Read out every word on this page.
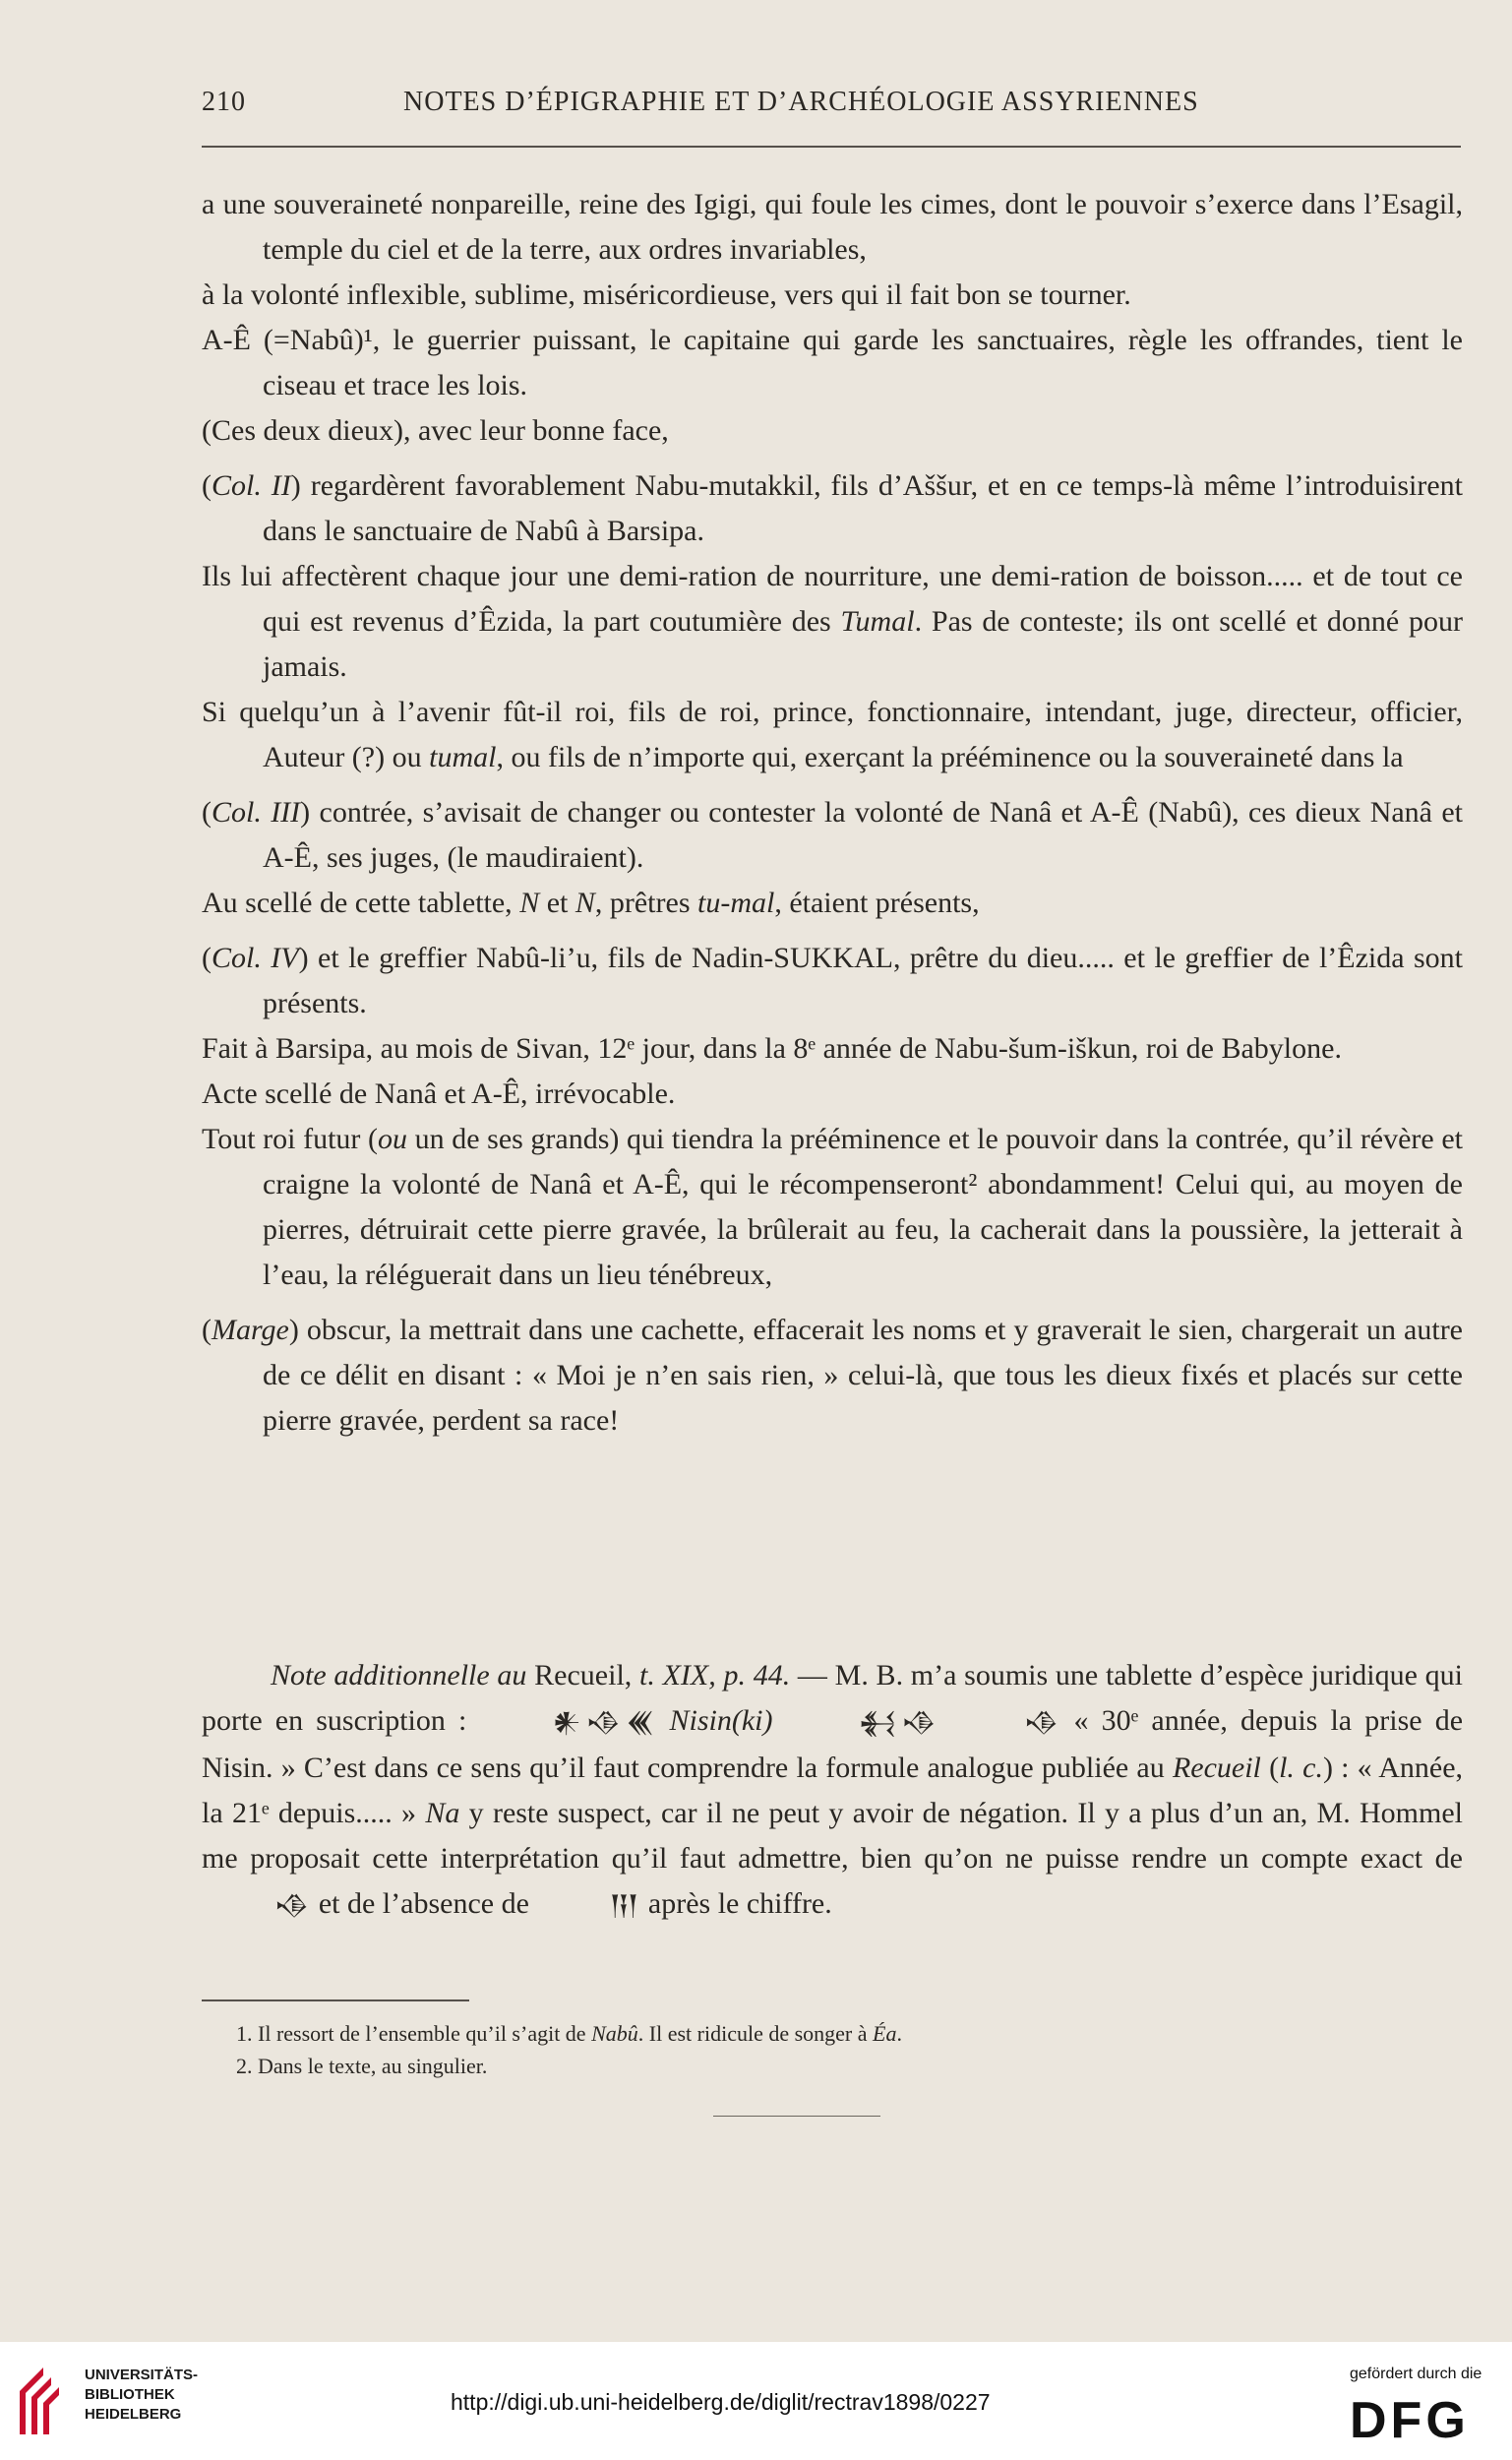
210	NOTES D’ÉPIGRAPHIE ET D’ARCHÉOLOGIE ASSYRIENNES

a une souveraineté nonpareille, reine des Igigi, qui foule les cimes, dont le pouvoir s’exerce dans l’Esagil, temple du ciel et de la terre, aux ordres invariables,

à la volonté inflexible, sublime, miséricordieuse, vers qui il fait bon se tourner.

A-Ê (=Nabû)¹, le guerrier puissant, le capitaine qui garde les sanctuaires, règle les offrandes, tient le ciseau et trace les lois.

(Ces deux dieux), avec leur bonne face,

(Col. II) regardèrent favorablement Nabu-mutakkil, fils d’Aššur, et en ce temps-là même l’introduisirent dans le sanctuaire de Nabû à Barsipa.

Ils lui affectèrent chaque jour une demi-ration de nourriture, une demi-ration de boisson..... et de tout ce qui est revenus d’Êzida, la part coutumière des Tumal. Pas de conteste; ils ont scellé et donné pour jamais.

Si quelqu’un à l’avenir fût-il roi, fils de roi, prince, fonctionnaire, intendant, juge, directeur, officier, Auteur (?) ou tumal, ou fils de n’importe qui, exerçant la prééminence ou la souveraineté dans la

(Col. III) contrée, s’avisait de changer ou contester la volonté de Nanâ et A-Ê (Nabû), ces dieux Nanâ et A-Ê, ses juges, (le maudiraient).

Au scellé de cette tablette, N et N, prêtres tu-mal, étaient présents,

(Col. IV) et le greffier Nabû-li’u, fils de Nadin-SUKKAL, prêtre du dieu..... et le greffier de l’Êzida sont présents.

Fait à Barsipa, au mois de Sivan, 12ᵉ jour, dans la 8ᵉ année de Nabu-šum-iškun, roi de Babylone.

Acte scellé de Nanâ et A-Ê, irrévocable.

Tout roi futur (ou un de ses grands) qui tiendra la prééminence et le pouvoir dans la contrée, qu’il révère et craigne la volonté de Nanâ et A-Ê, qui le récompenseront² abondamment! Celui qui, au moyen de pierres, détruirait cette pierre gravée, la brûlerait au feu, la cacherait dans la poussière, la jetterait à l’eau, la réléguerait dans un lieu ténébreux,

(Marge) obscur, la mettrait dans une cachette, effacerait les noms et y graverait le sien, chargerait un autre de ce délit en disant : « Moi je n’en sais rien, » celui-là, que tous les dieux fixés et placés sur cette pierre gravée, perdent sa race!

Note additionnelle au Recueil, t. XIX, p. 44. — M. B. m’a soumis une tablette d’espèce juridique qui porte en suscription :	𒀭 𒈾 𒌍 Nisin(ki)	𒈬 𒈾	𒈾 « 30ᵉ année, depuis la prise de Nisin. » C’est dans ce sens qu’il faut comprendre la formule analogue publiée au Recueil (l. c.) : « Année, la 21ᵉ depuis..... » Na y reste suspect, car il ne peut y avoir de négation. Il y a plus d’un an, M. Hommel me proposait cette interprétation qu’il faut admettre, bien qu’on ne puisse rendre un compte exact de 𒈾 et de l’absence de	𒀀𒁹 après le chiffre.

1. Il ressort de l’ensemble qu’il s’agit de Nabû. Il est ridicule de songer à Éa.
2. Dans le texte, au singulier.
UNIVERSITÄTS-
BIBLIOTHEK
HEIDELBERG	http://digi.ub.uni-heidelberg.de/diglit/rectrav1898/0227
gefördert durch die
DFG
